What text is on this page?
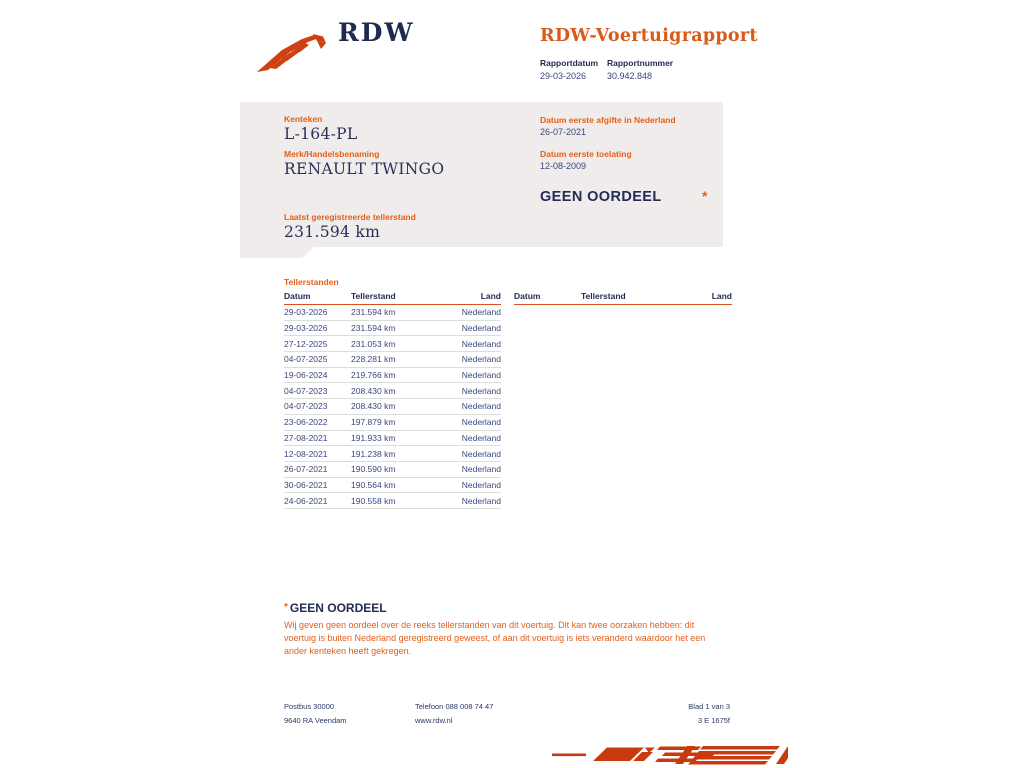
RDW	RDW-Voertuigrapport
Rapportdatum Rapportnummer
29-03-2026 30.942.848
Kenteken
L-164-PL
Merk/Handelsbenaming
RENAULT TWINGO
Laatst geregistreerde tellerstand
231.594 km
Datum eerste afgifte in Nederland
26-07-2021
Datum eerste toelating
12-08-2009
GEEN OORDEEL	*
Tellerstanden
Datum	Tellerstand	Land
29-03-2026	231.594 km	Nederland
29-03-2026	231.594 km	Nederland
27-12-2025	231.053 km	Nederland
04-07-2025	228.281 km	Nederland
19-06-2024	219.766 km	Nederland
04-07-2023	208.430 km	Nederland
04-07-2023	208.430 km	Nederland
23-06-2022	197.879 km	Nederland
27-08-2021	191.933 km	Nederland
12-08-2021	191.238 km	Nederland
26-07-2021	190.590 km	Nederland
30-06-2021	190.564 km	Nederland
24-06-2021	190.558 km	Nederland
Datum	Tellerstand	Land
* GEEN OORDEEL
Wij geven geen oordeel over de reeks tellerstanden van dit voertuig. Dit kan twee oorzaken hebben: dit voertuig is buiten Nederland geregistreerd geweest, of aan dit voertuig is iets veranderd waardoor het een ander kenteken heeft gekregen.
Postbus 30000
9640 RA Veendam
Telefoon 088 008 74 47
www.rdw.nl
Blad 1 van 3
3 E 1675f
